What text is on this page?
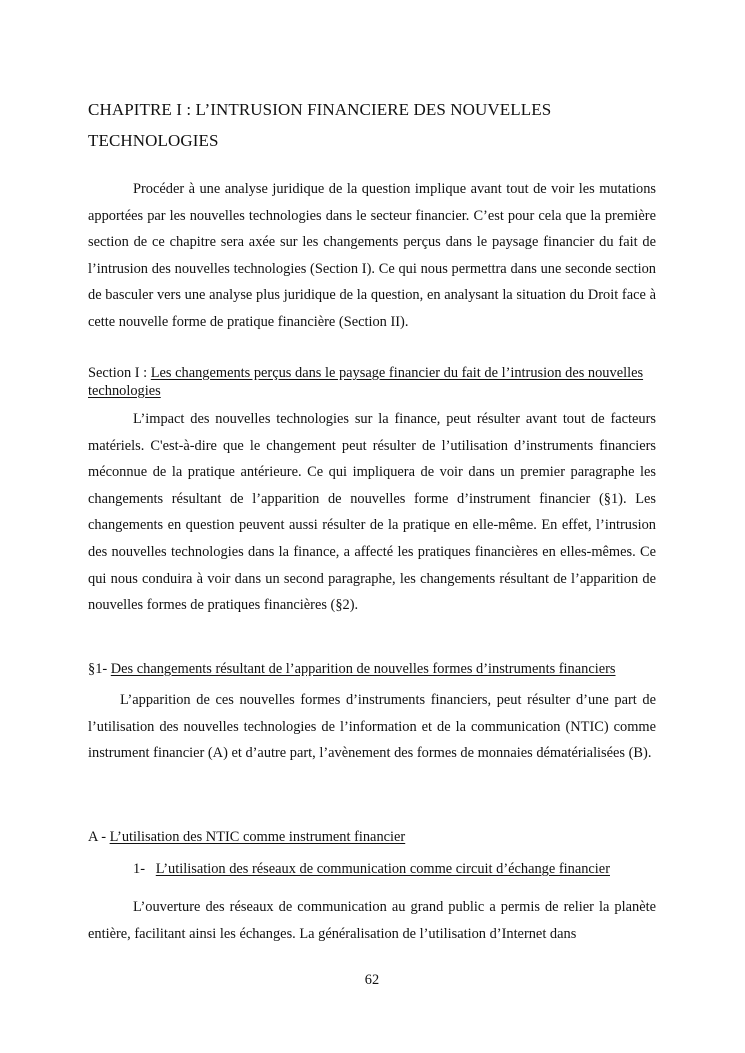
CHAPITRE I : L’INTRUSION FINANCIERE DES NOUVELLES TECHNOLOGIES

Procéder à une analyse juridique de la question implique avant tout de voir les mutations apportées par les nouvelles technologies dans le secteur financier. C’est pour cela que la première section de ce chapitre sera axée sur les changements perçus dans le paysage financier du fait de l’intrusion des nouvelles technologies (Section I). Ce qui nous permettra dans une seconde section de basculer vers une analyse plus juridique de la question, en analysant la situation du Droit face à cette nouvelle forme de pratique financière (Section II).

Section I : Les changements perçus dans le paysage financier du fait de l’intrusion des nouvelles technologies

L’impact des nouvelles technologies sur la finance, peut résulter avant tout de facteurs matériels. C'est-à-dire que le changement peut résulter de l’utilisation d’instruments financiers méconnue de la pratique antérieure. Ce qui impliquera de voir dans un premier paragraphe les changements résultant de l’apparition de nouvelles forme d’instrument financier (§1). Les changements en question peuvent aussi résulter de la pratique en elle-même. En effet, l’intrusion des nouvelles technologies dans la finance, a affecté les pratiques financières en elles-mêmes. Ce qui nous conduira à voir dans un second paragraphe, les changements résultant de l’apparition de nouvelles formes de pratiques financières (§2).

§1- Des changements résultant de l’apparition de nouvelles formes d’instruments financiers

L’apparition de ces nouvelles formes d’instruments financiers, peut résulter d’une part de l’utilisation des nouvelles technologies de l’information et de la communication (NTIC) comme instrument financier (A) et d’autre part, l’avènement des formes de monnaies dématérialisées (B).

A - L’utilisation des NTIC comme instrument financier

1-   L’utilisation des réseaux de communication comme circuit d’échange financier

L’ouverture des réseaux de communication au grand public a permis de relier la planète entière, facilitant ainsi les échanges. La généralisation de l’utilisation d’Internet dans

62
